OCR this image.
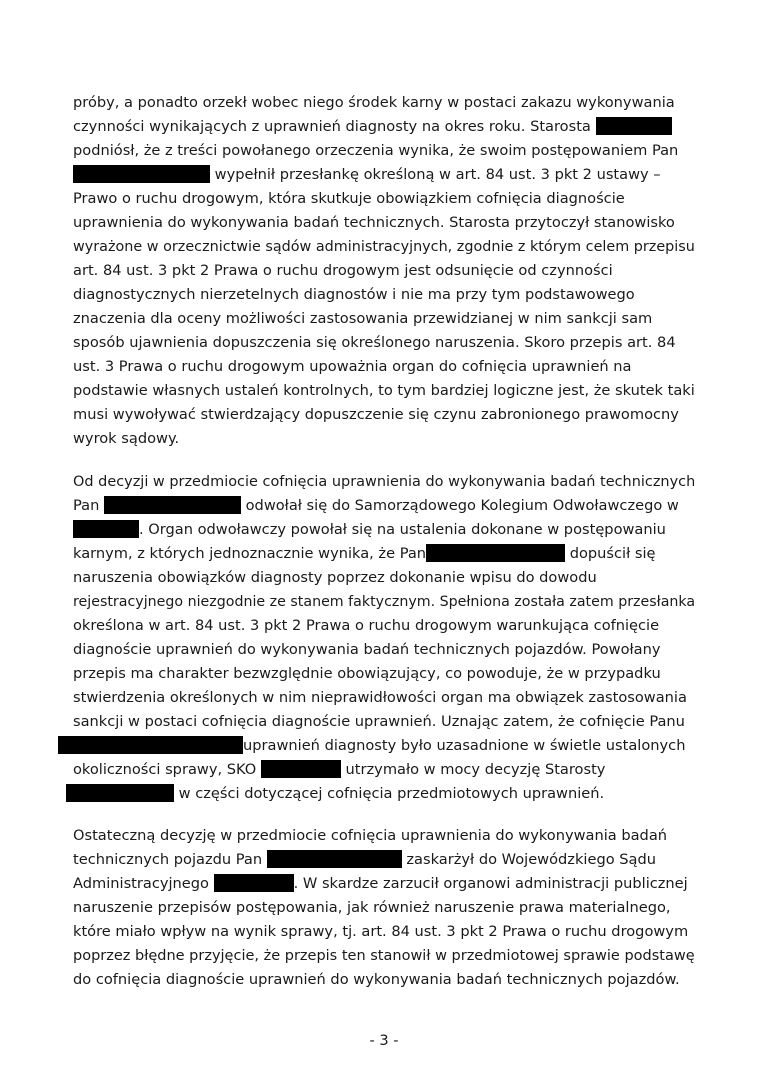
próby, a ponadto orzekł wobec niego środek karny w postaci zakazu wykonywania
czynności wynikających z uprawnień diagnosty na okres roku. Starosta
podniósł, że z treści powołanego orzeczenia wynika, że swoim postępowaniem Pan
wypełnił przesłankę określoną w art. 84 ust. 3 pkt 2 ustawy –
Prawo o ruchu drogowym, która skutkuje obowiązkiem cofnięcia diagnoście
uprawnienia do wykonywania badań technicznych. Starosta przytoczył stanowisko
wyrażone w orzecznictwie sądów administracyjnych, zgodnie z którym celem przepisu
art. 84 ust. 3 pkt 2 Prawa o ruchu drogowym jest odsunięcie od czynności
diagnostycznych nierzetelnych diagnostów i nie ma przy tym podstawowego
znaczenia dla oceny możliwości zastosowania przewidzianej w nim sankcji sam
sposób ujawnienia dopuszczenia się określonego naruszenia. Skoro przepis art. 84
ust. 3 Prawa o ruchu drogowym upoważnia organ do cofnięcia uprawnień na
podstawie własnych ustaleń kontrolnych, to tym bardziej logiczne jest, że skutek taki
musi wywoływać stwierdzający dopuszczenie się czynu zabronionego prawomocny
wyrok sądowy.
Od decyzji w przedmiocie cofnięcia uprawnienia do wykonywania badań technicznych
Pan	odwołał się do Samorządowego Kolegium Odwoławczego w
. Organ odwoławczy powołał się na ustalenia dokonane w postępowaniu
karnym, z których jednoznacznie wynika, że Pan	dopuścił się
naruszenia obowiązków diagnosty poprzez dokonanie wpisu do dowodu
rejestracyjnego niezgodnie ze stanem faktycznym. Spełniona została zatem przesłanka
określona w art. 84 ust. 3 pkt 2 Prawa o ruchu drogowym warunkująca cofnięcie
diagnoście uprawnień do wykonywania badań technicznych pojazdów. Powołany
przepis ma charakter bezwzględnie obowiązujący, co powoduje, że w przypadku
stwierdzenia określonych w nim nieprawidłowości organ ma obwiązek zastosowania
sankcji w postaci cofnięcia diagnoście uprawnień. Uznając zatem, że cofnięcie Panu
uprawnień diagnosty było uzasadnione w świetle ustalonych
okoliczności sprawy, SKO	utrzymało w mocy decyzję Starosty
w części dotyczącej cofnięcia przedmiotowych uprawnień.
Ostateczną decyzję w przedmiocie cofnięcia uprawnienia do wykonywania badań
technicznych pojazdu Pan	zaskarżył do Wojewódzkiego Sądu
Administracyjnego	. W skardze zarzucił organowi administracji publicznej
naruszenie przepisów postępowania, jak również naruszenie prawa materialnego,
które miało wpływ na wynik sprawy, tj. art. 84 ust. 3 pkt 2 Prawa o ruchu drogowym
poprzez błędne przyjęcie, że przepis ten stanowił w przedmiotowej sprawie podstawę
do cofnięcia diagnoście uprawnień do wykonywania badań technicznych pojazdów.
- 3 -
